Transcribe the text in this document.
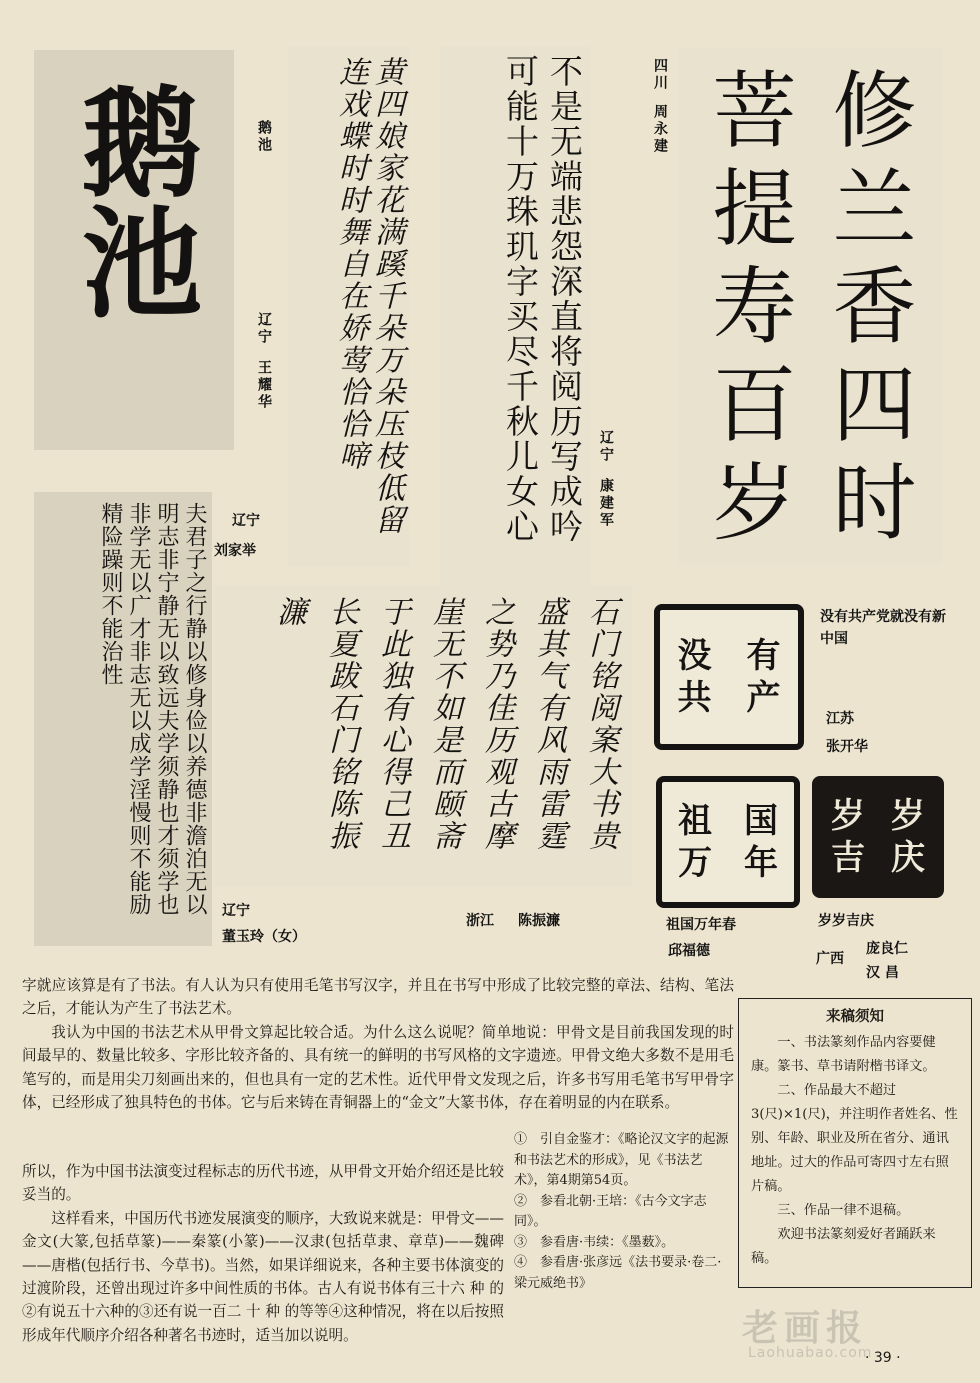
鹅池	鹅池
辽宁
王耀华	黄四娘家花满蹊千朵万朵压枝低留连戏蝶时时舞自在娇莺恰恰啼
辽宁
刘家举
不是无端悲怨深直将阅历写成吟可能十万珠玑字买尽千秋儿女心	辽宁
康建军
四川
周永建	修兰香四时菩提寿百岁
夫君子之行静以修身俭以养德非澹泊无以明志非宁静无以致远夫学须静也才须学也非学无以广才非志无以成学淫慢则不能励精险躁则不能治性
辽宁
董玉玲（女）
石门铭阅案大书贵盛其气有风雨雷霆之势乃佳历观古摩崖无不如是而颐斋于此独有心得己丑长夏跋石门铭陈振濂
浙江 陈振濂
没	有
共	产
没有共产党就没有新中国
江苏
张开华
祖 国
万 年
祖国万年春
邱福德
岁 岁
吉 庆
岁岁吉庆
广西
庞良仁
汉 昌

字就应该算是有了书法。有人认为只有使用毛笔书写汉字，并且在书写中形成了比较完整的章法、结构、笔法之后，才能认为产生了书法艺术。

我认为中国的书法艺术从甲骨文算起比较合适。为什么这么说呢？简单地说：甲骨文是目前我国发现的时间最早的、数量比较多、字形比较齐备的、具有统一的鲜明的书写风格的文字遗迹。甲骨文绝大多数不是用毛笔写的，而是用尖刀刻画出来的，但也具有一定的艺术性。近代甲骨文发现之后，许多书写用毛笔书写甲骨字体，已经形成了独具特色的书体。它与后来铸在青铜器上的“金文”大篆书体，存在着明显的内在联系。

所以，作为中国书法演变过程标志的历代书迹，从甲骨文开始介绍还是比较妥当的。

这样看来，中国历代书迹发展演变的顺序，大致说来就是：甲骨文——金文(大篆,包括草篆)——秦篆(小篆)——汉隶(包括草隶、章草)——魏碑——唐楷(包括行书、今草书)。当然，如果详细说来，各种主要书体演变的过渡阶段，还曾出现过许多中间性质的书体。古人有说书体有三十六 种 的②有说五十六种的③还有说一百二 十 种 的等等④这种情况，将在以后按照形成年代顺序介绍各种著名书迹时，适当加以说明。

①　引自金鉴才：《略论汉文字的起源和书法艺术的形成》，见《书法艺术》，第4期第54页。

②　参看北朝·王培：《古今文字志同》。

③　参看唐·韦续：《墨薮》。

④　参看唐·张彦远《法书要录·卷二·梁元威绝书》

来稿须知

一、书法篆刻作品内容要健康。篆书、草书请附楷书译文。

二、作品最大不超过3(尺)×1(尺)，并注明作者姓名、性别、年龄、职业及所在省分、通讯地址。过大的作品可寄四寸左右照片稿。

三、作品一律不退稿。

欢迎书法篆刻爱好者踊跃来稿。

老画报
Laohuabao.com
· 39 ·
